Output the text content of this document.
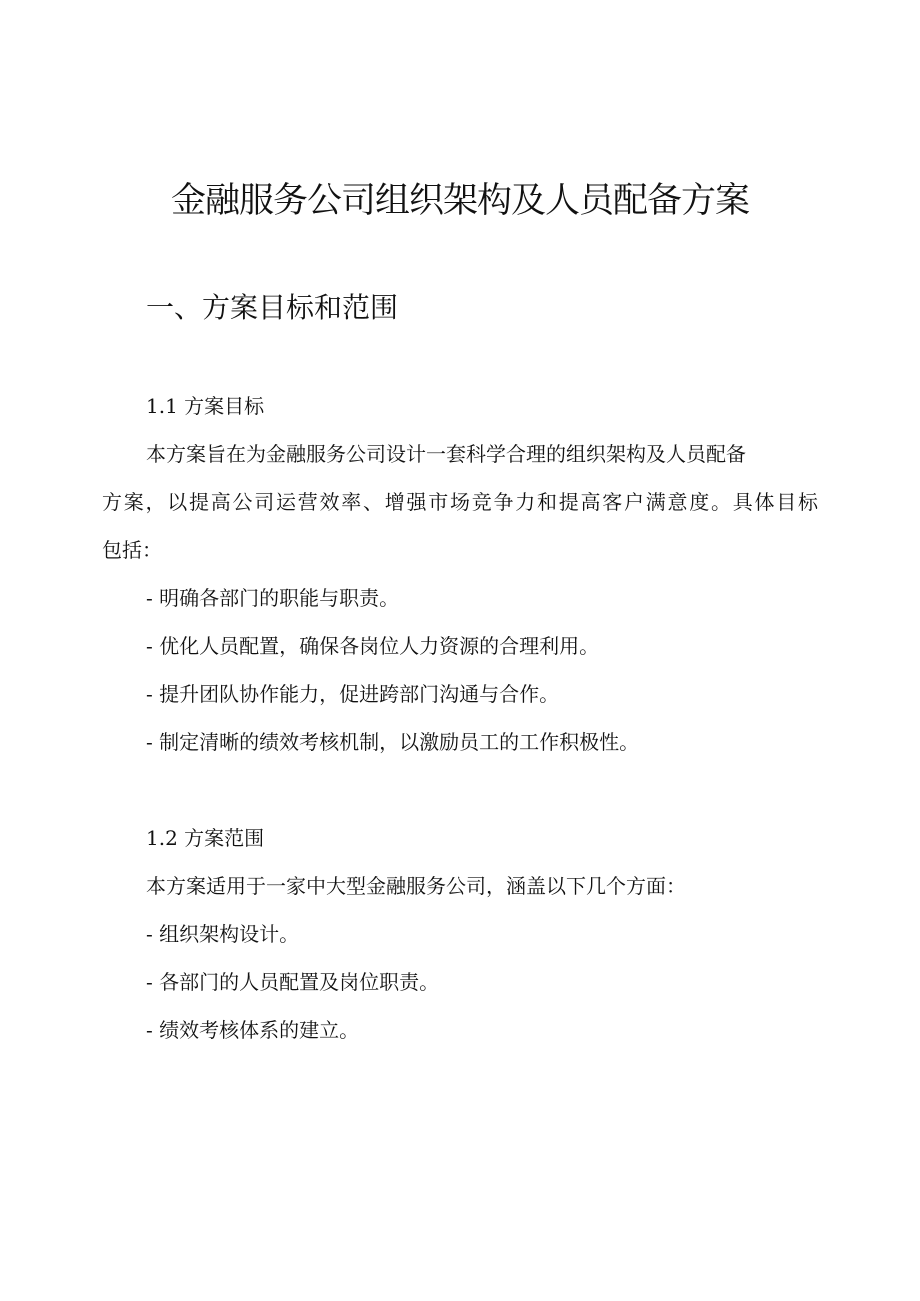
金融服务公司组织架构及人员配备方案
一、方案目标和范围

1.1 方案目标

本方案旨在为金融服务公司设计一套科学合理的组织架构及人员配备

方案，以提高公司运营效率、增强市场竞争力和提高客户满意度。具体目标

包括：

- 明确各部门的职能与职责。

- 优化人员配置，确保各岗位人力资源的合理利用。

- 提升团队协作能力，促进跨部门沟通与合作。

- 制定清晰的绩效考核机制，以激励员工的工作积极性。

1.2 方案范围

本方案适用于一家中大型金融服务公司，涵盖以下几个方面：

- 组织架构设计。

- 各部门的人员配置及岗位职责。

- 绩效考核体系的建立。
